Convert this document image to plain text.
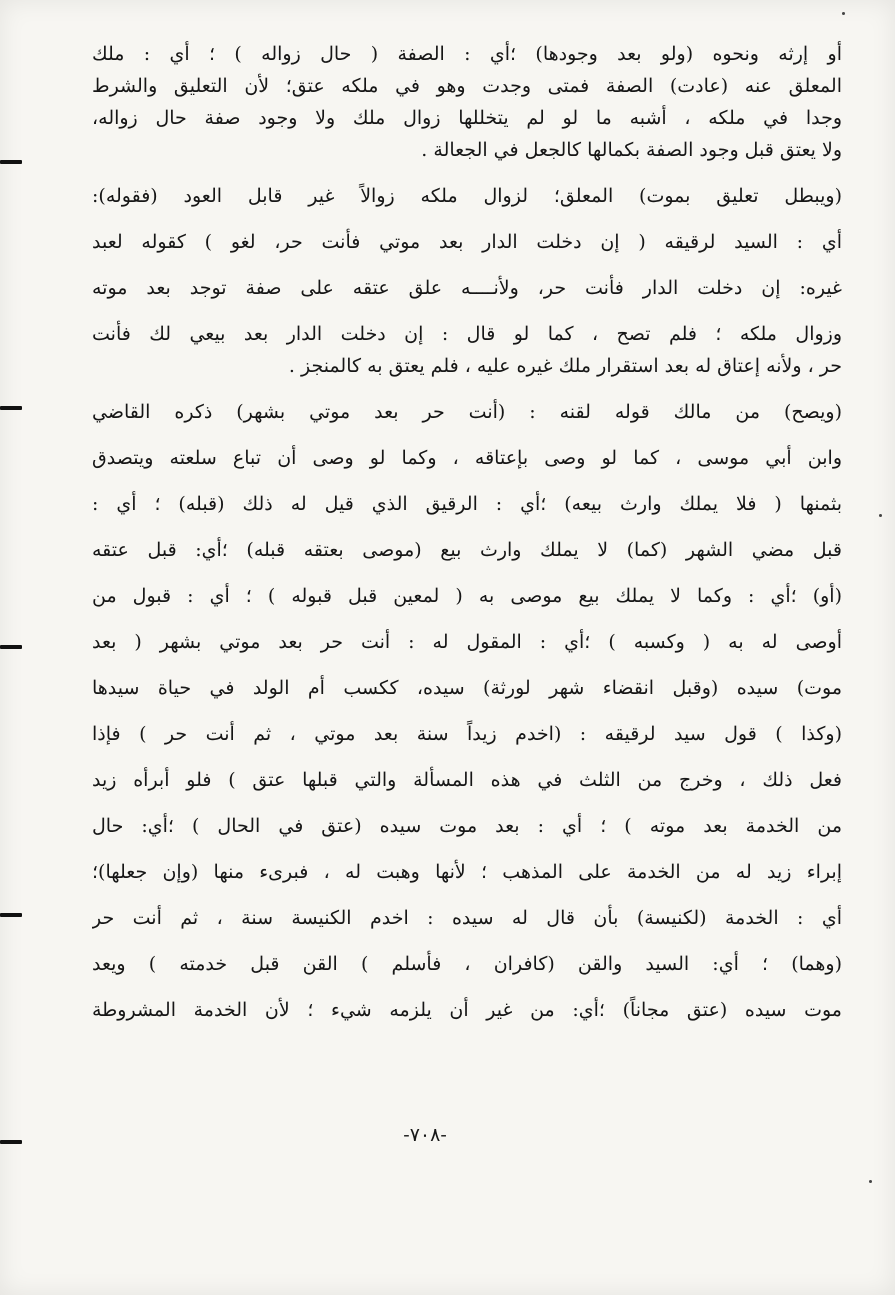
أو إرثه ونحوه (ولو بعد وجودها) ؛أي : الصفة ( حال زواله ) ؛ أي : ملك
المعلق عنه (عادت) الصفة فمتى وجدت وهو في ملكه عتق؛ لأن التعليق والشرط
وجدا في ملكه ، أشبه ما لو لم يتخللها زوال ملك ولا وجود صفة حال زواله،
ولا يعتق قبل وجود الصفة بكمالها كالجعل في الجعالة .
(ويبطل تعليق بموت) المعلق؛ لزوال ملكه زوالاً غير قابل العود (فقوله):
أي : السيد لرقيقه ( إن دخلت الدار بعد موتي فأنت حر، لغو ) كقوله لعبد
غيره: إن دخلت الدار فأنت حر، ولأنــــه علق عتقه على صفة توجد بعد موته
وزوال ملكه ؛ فلم تصح ، كما لو قال : إن دخلت الدار بعد بيعي لك فأنت
حر ، ولأنه إعتاق له بعد استقرار ملك غيره عليه ، فلم يعتق به كالمنجز .
(ويصح) من مالك قوله لقنه : (أنت حر بعد موتي بشهر) ذكره القاضي
وابن أبي موسى ، كما لو وصى بإعتاقه ، وكما لو وصى أن تباع سلعته ويتصدق
بثمنها ( فلا يملك وارث بيعه) ؛أي : الرقيق الذي قيل له ذلك (قبله) ؛ أي :
قبل مضي الشهر (كما) لا يملك وارث بيع (موصى بعتقه قبله) ؛أي: قبل عتقه
(أو) ؛أي : وكما لا يملك بيع موصى به ( لمعين قبل قبوله ) ؛ أي : قبول من
أوصى له به ( وكسبه ) ؛أي : المقول له : أنت حر بعد موتي بشهر ( بعد
موت) سيده (وقبل انقضاء شهر لورثة) سيده، ككسب أم الولد في حياة سيدها
(وكذا ) قول سيد لرقيقه : (اخدم زيداً سنة بعد موتي ، ثم أنت حر ) فإذا
فعل ذلك ، وخرج من الثلث في هذه المسألة والتي قبلها عتق ) فلو أبرأه زيد
من الخدمة بعد موته ) ؛ أي : بعد موت سيده (عتق في الحال ) ؛أي: حال
إبراء زيد له من الخدمة على المذهب ؛ لأنها وهبت له ، فبرىء منها (وإن جعلها)؛
أي : الخدمة (لكنيسة) بأن قال له سيده : اخدم الكنيسة سنة ، ثم أنت حر
(وهما) ؛ أي: السيد والقن (كافران ، فأسلم ) القن قبل خدمته ) ويعد
موت سيده (عتق مجاناً) ؛أي: من غير أن يلزمه شيء ؛ لأن الخدمة المشروطة
-٧٠٨-
